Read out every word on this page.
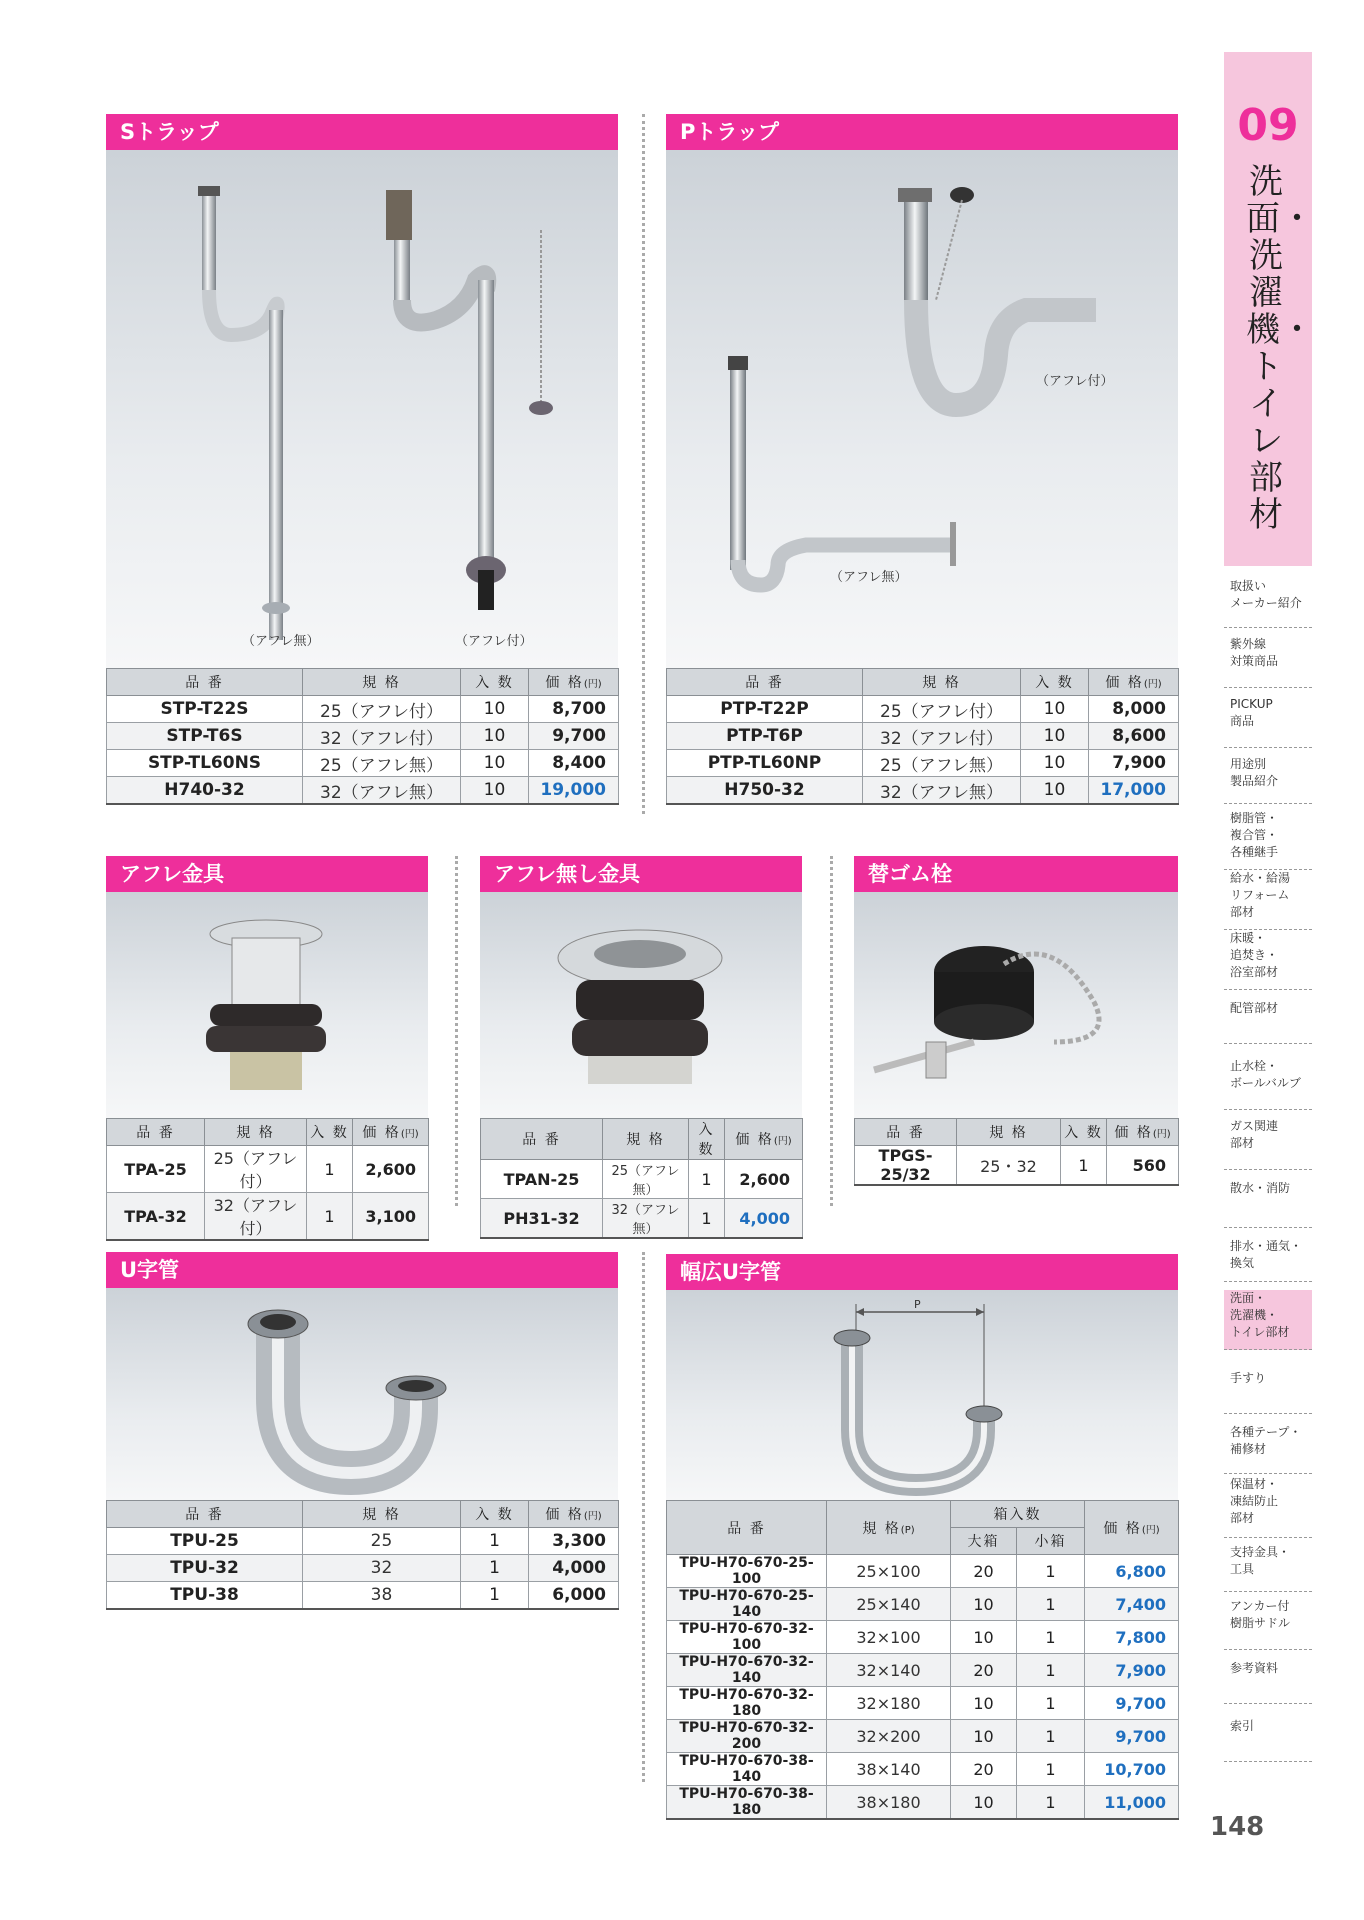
09
洗面・洗濯機・トイレ部材
取扱い
メーカー紹介
紫外線
対策商品
PICKUP
商品
用途別
製品紹介
樹脂管・
複合管・
各種継手
給水・給湯
リフォーム
部材
床暖・
追焚き・
浴室部材
配管部材
止水栓・
ボールバルブ
ガス関連
部材
散水・消防
排水・通気・
換気
洗面・
洗濯機・
トイレ部材
手すり
各種テープ・
補修材
保温材・
凍結防止
部材
支持金具・
工具
アンカー付
樹脂サドル
参考資料
索引
148
Sトラップ
（アフレ無）	（アフレ付）
品 番	規 格	入 数	価 格(円)
STP-T22S	25（アフレ付）	10	8,700
STP-T6S	32（アフレ付）	10	9,700
STP-TL60NS	25（アフレ無）	10	8,400
H740-32	32（アフレ無）	10	19,000
Pトラップ
（アフレ付）
（アフレ無）
品 番	規 格	入 数	価 格(円)
PTP-T22P	25（アフレ付）	10	8,000
PTP-T6P	32（アフレ付）	10	8,600
PTP-TL60NP	25（アフレ無）	10	7,900
H750-32	32（アフレ無）	10	17,000
アフレ金具
品 番	規 格	入 数	価 格(円)
TPA-25	25（アフレ付）	1	2,600
TPA-32	32（アフレ付）	1	3,100
アフレ無し金具
品 番	規 格	入 数	価 格(円)
TPAN-25	25（アフレ無）	1	2,600
PH31-32	32（アフレ無）	1	4,000
替ゴム栓
品 番	規 格	入 数	価 格(円)
TPGS-25/32	25・32	1	560
U字管
品 番	規 格	入 数	価 格(円)
TPU-25	25	1	3,300
TPU-32	32	1	4,000
TPU-38	38	1	6,000
幅広U字管
P
品 番	規 格(P)	箱入数		価 格(円)
		大箱	小箱	
TPU-H70-670-25-100	25×100	20	1	6,800
TPU-H70-670-25-140	25×140	10	1	7,400
TPU-H70-670-32-100	32×100	10	1	7,800
TPU-H70-670-32-140	32×140	20	1	7,900
TPU-H70-670-32-180	32×180	10	1	9,700
TPU-H70-670-32-200	32×200	10	1	9,700
TPU-H70-670-38-140	38×140	20	1	10,700
TPU-H70-670-38-180	38×180	10	1	11,000
